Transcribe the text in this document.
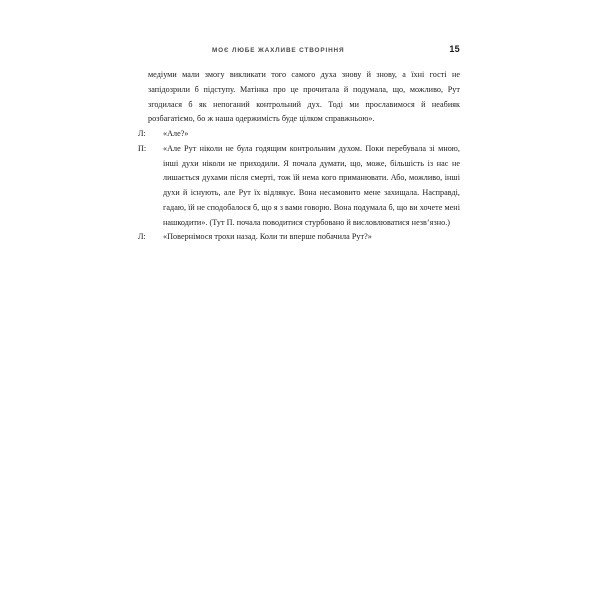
МОЄ ЛЮБЕ ЖАХЛИВЕ СТВОРІННЯ	15

медіуми мали змогу викликати того самого духа знову й знову, а їхні гості не запідозрили б підступу. Матінка про це прочитала й подумала, що, можливо, Рут згодилася б як непоганий контрольний дух. Тоді ми прославимося й неабияк розбагатіємо, бо ж наша одержимість буде цілком справжньою».

Л:	«Але?»
П:	«Але Рут ніколи не була годящим контрольним духом. Поки перебувала зі мною, інші духи ніколи не приходили. Я почала думати, що, може, більшість із нас не лишається духами після смерті, тож їй нема кого приманювати. Або, можливо, інші духи й існують, але Рут їх відлякує. Вона несамовито мене захищала. Насправді, гадаю, їй не сподобалося б, що я з вами говорю. Вона подумала б, що ви хочете мені нашкодити». (Тут П. почала поводитися стурбовано й висловлюватися незв’язно.)
Л:	«Повернімося трохи назад. Коли ти вперше побачила Рут?»
